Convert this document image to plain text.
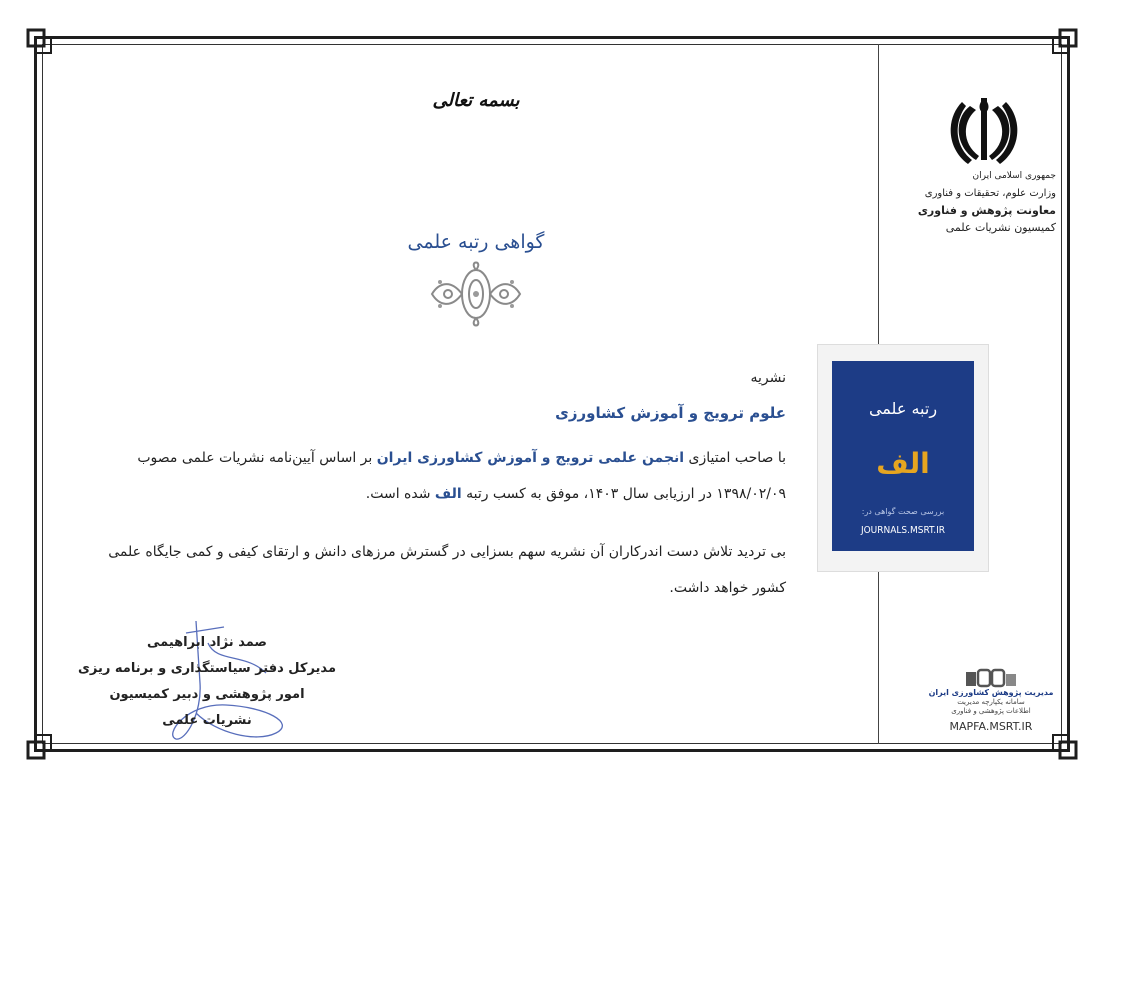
بسمه تعالی
گواهی رتبه علمی
نشریه
علوم ترویج و آموزش کشاورزی
با صاحب امتیازی انجمن علمی ترویج و آموزش کشاورزی ایران بر اساس آیین‌نامه نشریات علمی مصوب ۱۳۹۸/۰۲/۰۹ در ارزیابی سال ۱۴۰۳، موفق به کسب رتبه الف شده است.
بی تردید تلاش دست اندرکاران آن نشریه سهم بسزایی در گسترش مرزهای دانش و ارتقای کیفی و کمی جایگاه علمی کشور خواهد داشت.
صمد نژاد ابراهیمی
مدیرکل دفتر سیاستگذاری و برنامه ریزی
امور پژوهشی و دبیر کمیسیون
نشریات علمی
جمهوری اسلامی ایران
وزارت علوم، تحقیقات و فناوری
معاونت پژوهش و فناوری
کمیسیون نشریات علمی
رتبه علمی
الف
بررسی صحت گواهی در:
JOURNALS.MSRT.IR
مدیریت پژوهش کشاورزی ایران
سامانه یکپارچه مدیریت
اطلاعات پژوهشی و فناوری
MAPFA.MSRT.IR
